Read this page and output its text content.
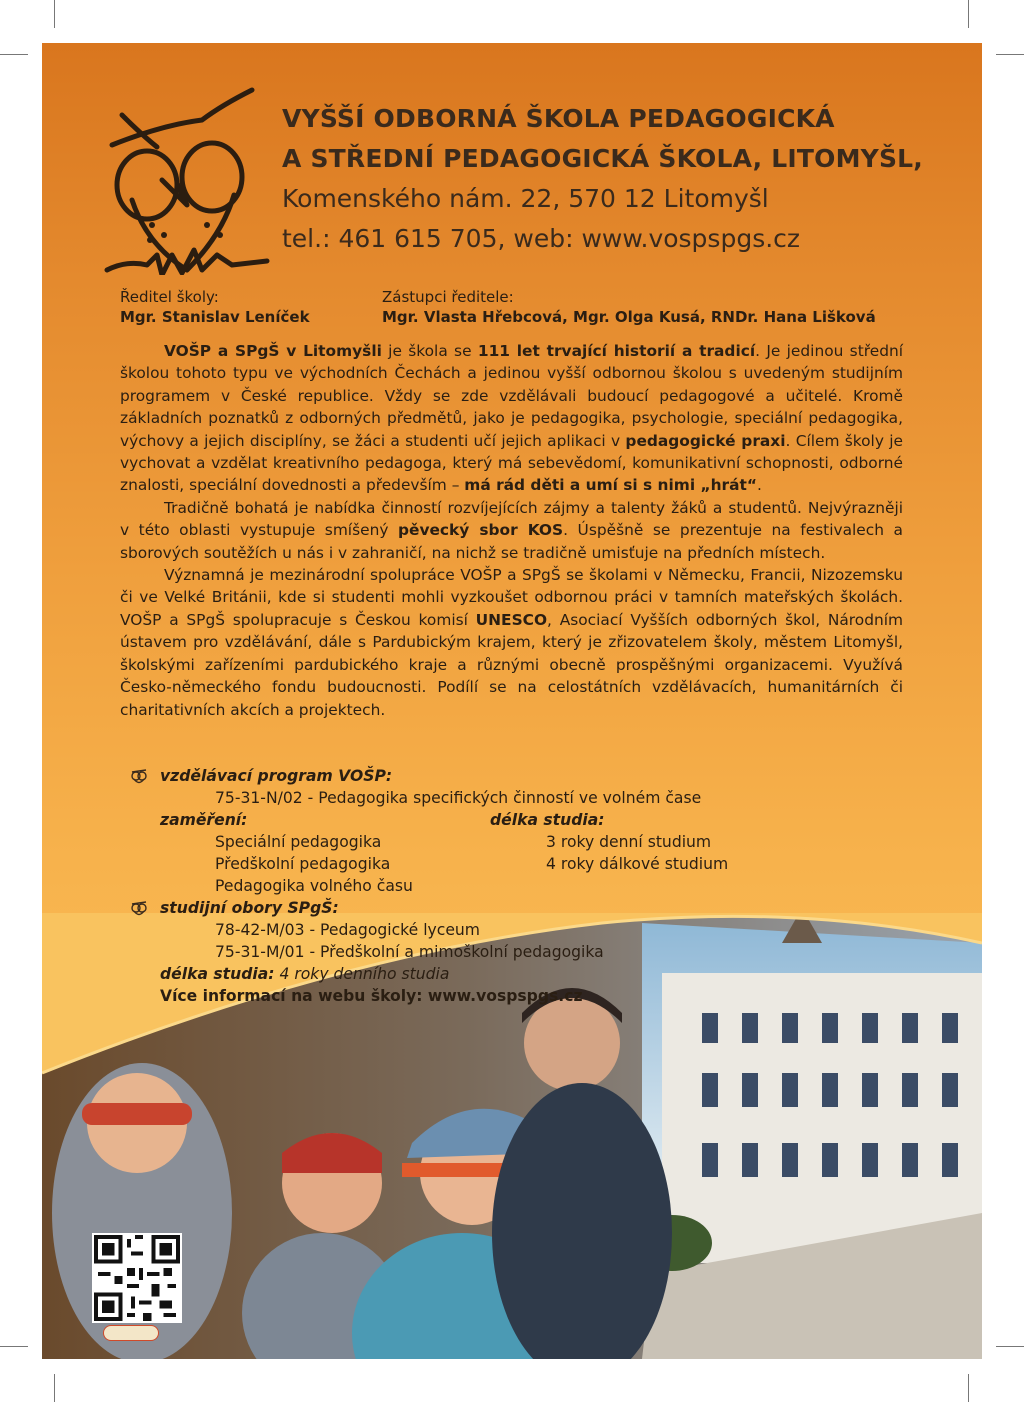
VYŠŠÍ ODBORNÁ ŠKOLA PEDAGOGICKÁ
A STŘEDNÍ PEDAGOGICKÁ ŠKOLA, LITOMYŠL,
Komenského nám. 22, 570 12 Litomyšl
tel.: 461 615 705, web: www.vospspgs.cz
Ředitel školy:
Mgr. Stanislav Leníček
Zástupci ředitele:
Mgr. Vlasta Hřebcová, Mgr. Olga Kusá, RNDr. Hana Lišková

VOŠP a SPgŠ v Litomyšli je škola se 111 let trvající historií a tradicí. Je jedinou střední školou tohoto typu ve východních Čechách a jedinou vyšší odbornou školou s uvedeným studijním programem v České republice. Vždy se zde vzdělávali budoucí pedagogové a učitelé. Kromě základních poznatků z odborných předmětů, jako je pedagogika, psychologie, speciální pedagogika, výchovy a jejich disciplíny, se žáci a studenti učí jejich aplikaci v pedagogické praxi. Cílem školy je vychovat a vzdělat kreativního pedagoga, který má sebevědomí, komunikativní schopnosti, odborné znalosti, speciální dovednosti a především – má rád děti a umí si s nimi „hrát“.

Tradičně bohatá je nabídka činností rozvíjejících zájmy a talenty žáků a studentů. Nejvýrazněji v této oblasti vystupuje smíšený pěvecký sbor KOS. Úspěšně se prezentuje na festivalech a sborových soutěžích u nás i v zahraničí, na nichž se tradičně umisťuje na předních místech.

Významná je mezinárodní spolupráce VOŠP a SPgŠ se školami v Německu, Francii, Nizozemsku či ve Velké Británii, kde si studenti mohli vyzkoušet odbornou práci v tamních mateřských školách. VOŠP a SPgŠ spolupracuje s Českou komisí UNESCO, Asociací Vyšších odborných škol, Národním ústavem pro vzdělávání, dále s Pardubickým krajem, který je zřizovatelem školy, městem Litomyšl, školskými zařízeními pardubického kraje a různými obecně prospěšnými organizacemi. Využívá Česko-německého fondu budoucnosti. Podílí se na celostátních vzdělávacích, humanitárních či charitativních akcích a projektech.

vzdělávací program VOŠP:
75-31-N/02 - Pedagogika specifických činností ve volném čase
zaměření:	délka studia:
Speciální pedagogika	3 roky denní studium
Předškolní pedagogika	4 roky dálkové studium
Pedagogika volného času
studijní obory SPgŠ:
78-42-M/03 - Pedagogické lyceum
75-31-M/01 - Předškolní a mimoškolní pedagogika
délka studia: 4 roky denního studia
Více informací na webu školy: www.vospspgs.cz
